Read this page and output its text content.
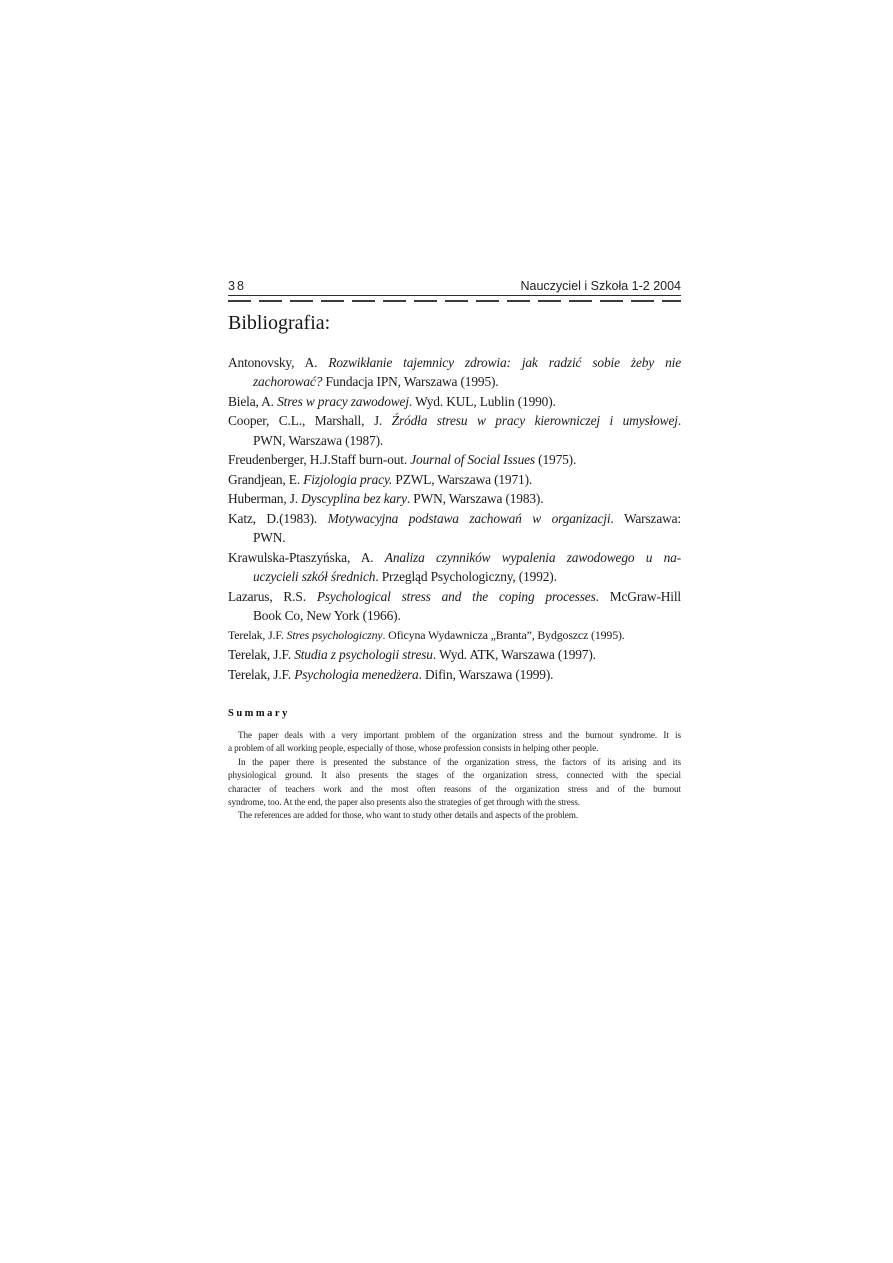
38	Nauczyciel i Szkoła 1-2 2004
Bibliografia:
Antonovsky, A. Rozwikłanie tajemnicy zdrowia: jak radzić sobie żeby nie
zachorować? Fundacja IPN, Warszawa (1995).
Biela, A. Stres w pracy zawodowej. Wyd. KUL, Lublin (1990).
Cooper, C.L., Marshall, J. Źródła stresu w pracy kierowniczej i umysłowej.
PWN, Warszawa (1987).
Freudenberger, H.J.Staff burn-out. Journal of Social Issues (1975).
Grandjean, E. Fizjologia pracy. PZWL, Warszawa (1971).
Huberman, J. Dyscyplina bez kary. PWN, Warszawa (1983).
Katz, D.(1983). Motywacyjna podstawa zachowań w organizacji. Warszawa:
PWN.
Krawulska-Ptaszyńska, A. Analiza czynników wypalenia zawodowego u na-
uczycieli szkół średnich. Przegląd Psychologiczny, (1992).
Lazarus, R.S. Psychological stress and the coping processes. McGraw-Hill
Book Co, New York (1966).
Terelak, J.F. Stres psychologiczny. Oficyna Wydawnicza „Branta”, Bydgoszcz (1995).
Terelak, J.F. Studia z psychologii stresu. Wyd. ATK, Warszawa (1997).
Terelak, J.F. Psychologia menedżera. Difin, Warszawa (1999).
Summary
The paper deals with a very important problem of the organization stress and the burnout syndrome. It is
a problem of all working people, especially of those, whose profession consists in helping other people.
In the paper there is presented the substance of the organization stress, the factors of its arising and its
physiological ground. It also presents the stages of the organization stress, connected with the special
character of teachers work and the most often reasons of the organization stress and of the burnout
syndrome, too. At the end, the paper also presents also the strategies of get through with the stress.
The references are added for those, who want to study other details and aspects of the problem.
